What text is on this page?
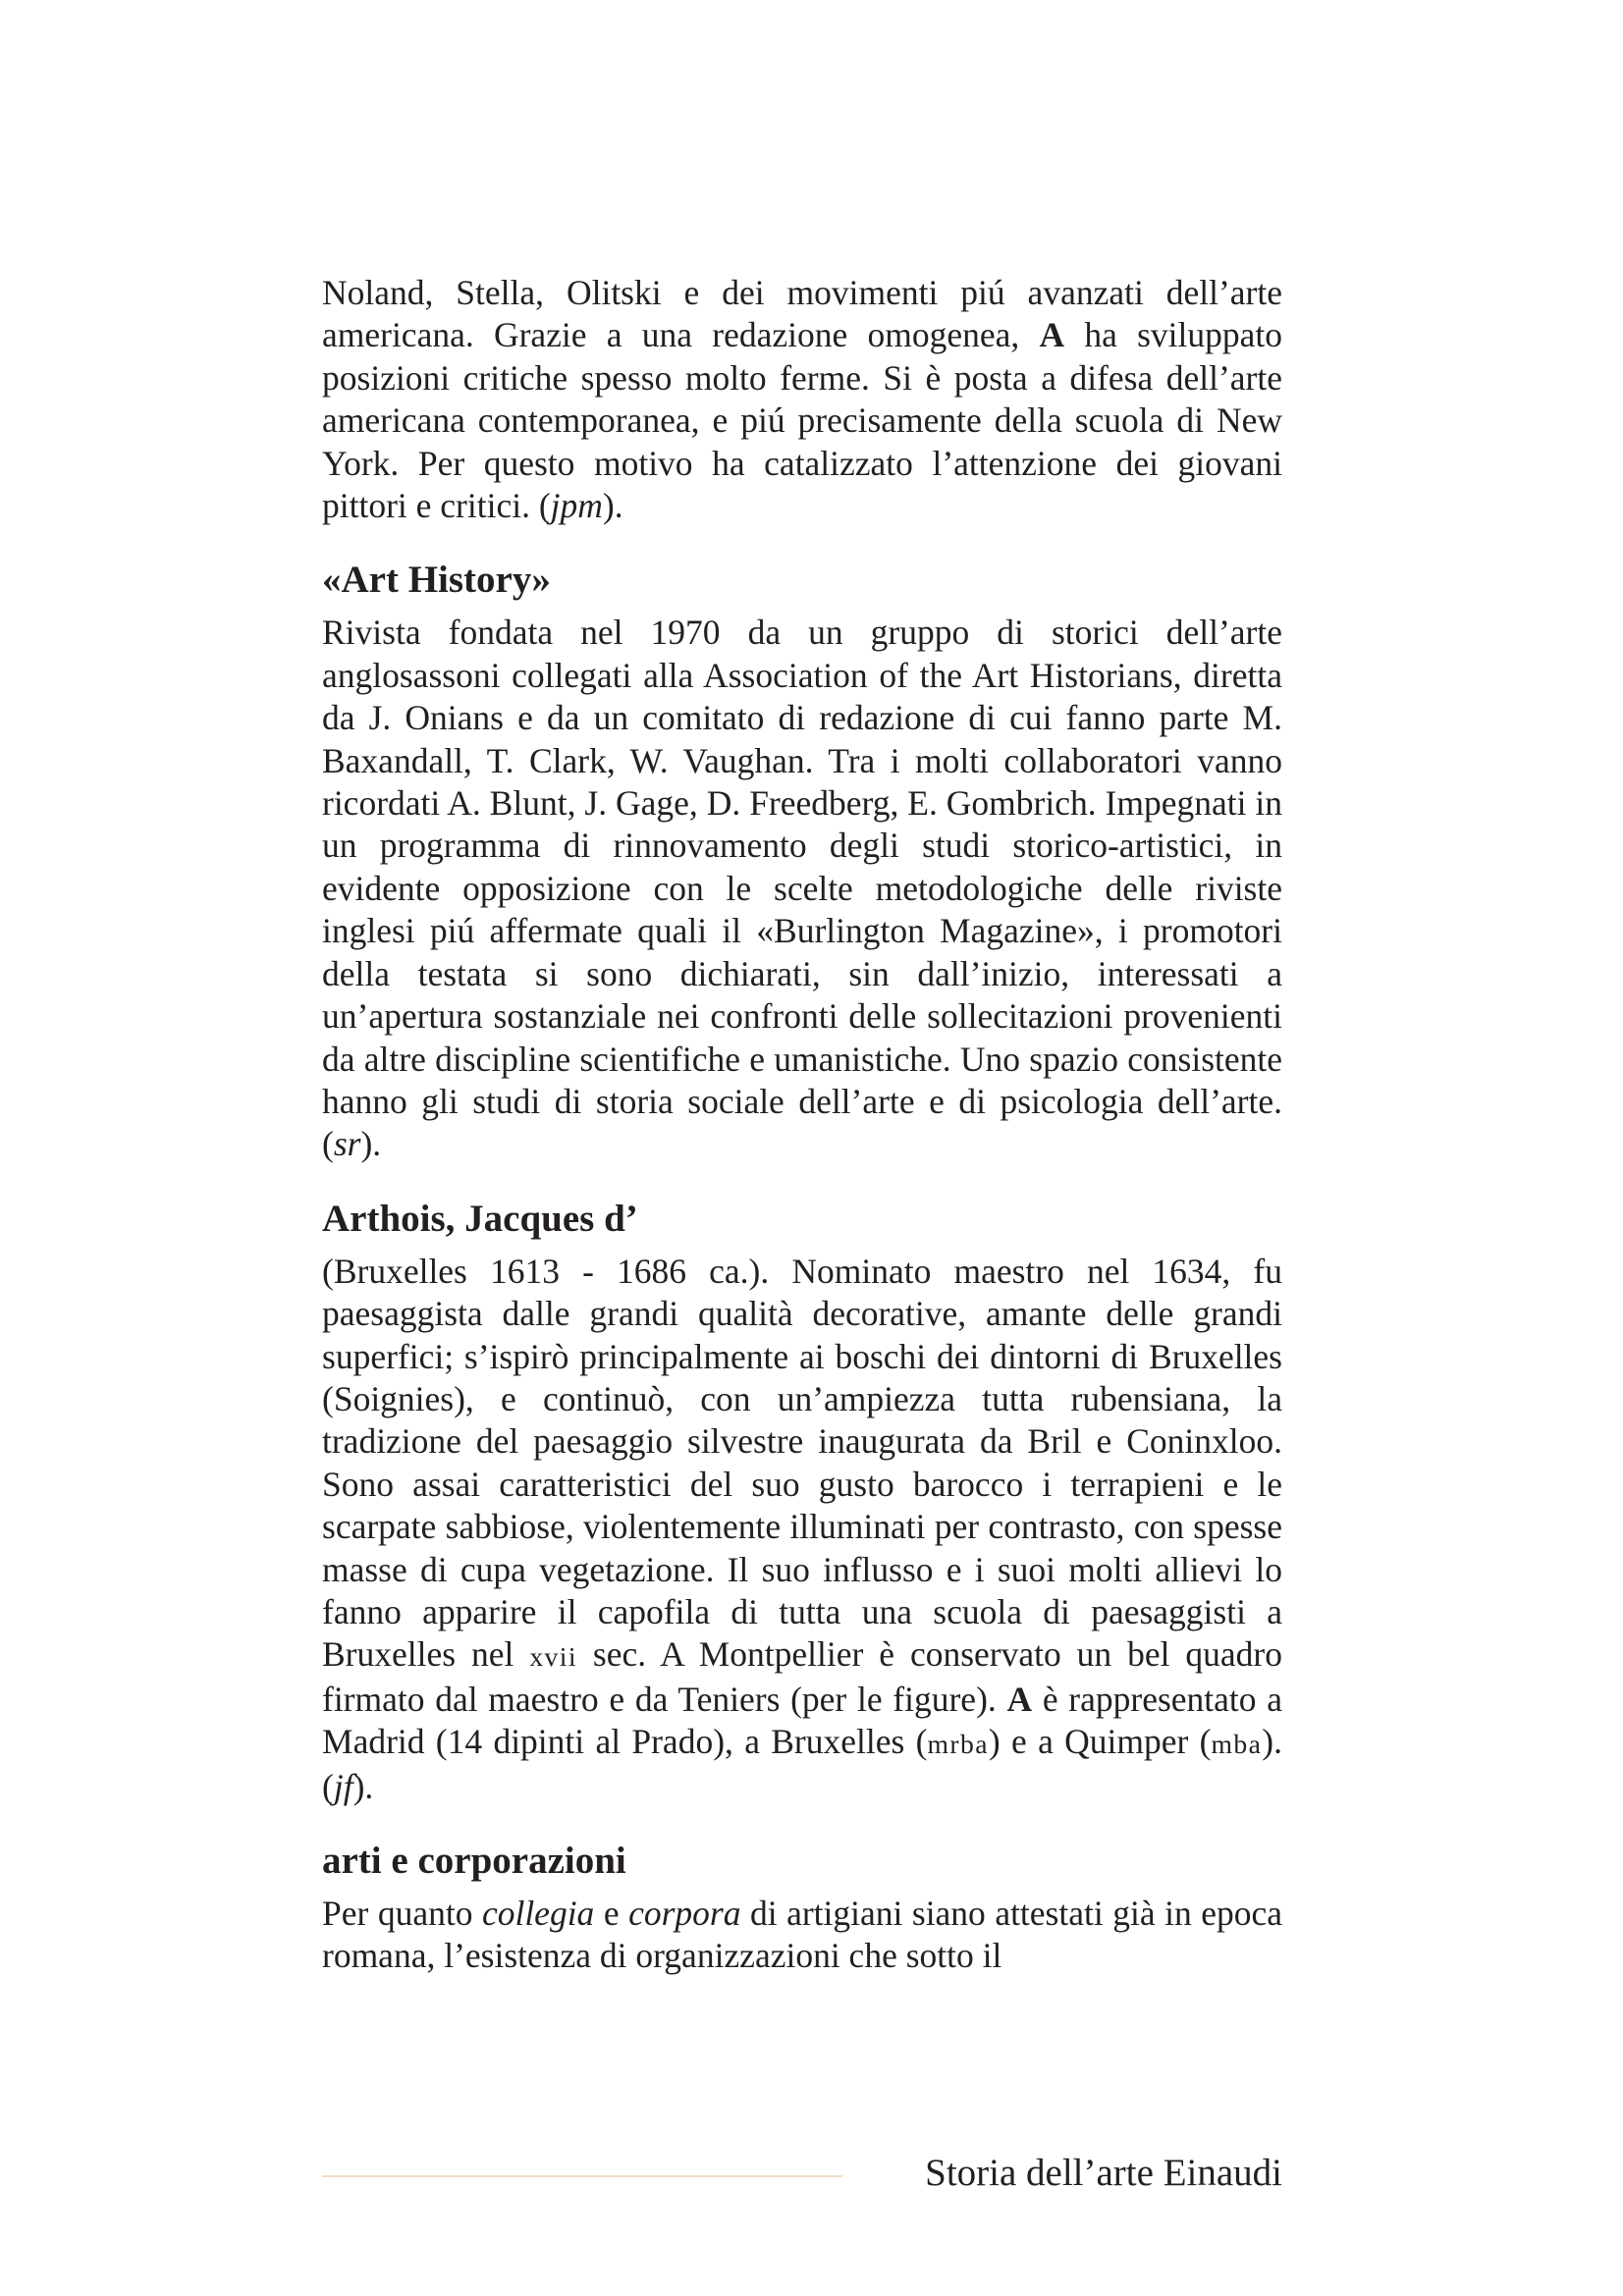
Noland, Stella, Olitski e dei movimenti piú avanzati dell’arte americana. Grazie a una redazione omogenea, A ha sviluppato posizioni critiche spesso molto ferme. Si è posta a difesa dell’arte americana contemporanea, e piú precisamente della scuola di New York. Per questo motivo ha catalizzato l’attenzione dei giovani pittori e critici. (jpm).

«Art History»

Rivista fondata nel 1970 da un gruppo di storici dell’arte anglosassoni collegati alla Association of the Art Historians, diretta da J. Onians e da un comitato di redazione di cui fanno parte M. Baxandall, T. Clark, W. Vaughan. Tra i molti collaboratori vanno ricordati A. Blunt, J. Gage, D. Freedberg, E. Gombrich. Impegnati in un programma di rinnovamento degli studi storico-artistici, in evidente opposizione con le scelte metodologiche delle riviste inglesi piú affermate quali il «Burlington Magazine», i promotori della testata si sono dichiarati, sin dall’inizio, interessati a un’apertura sostanziale nei confronti delle sollecitazioni provenienti da altre discipline scientifiche e umanistiche. Uno spazio consistente hanno gli studi di storia sociale dell’arte e di psicologia dell’arte. (sr).

Arthois, Jacques d’

(Bruxelles 1613 - 1686 ca.). Nominato maestro nel 1634, fu paesaggista dalle grandi qualità decorative, amante delle grandi superfici; s’ispirò principalmente ai boschi dei dintorni di Bruxelles (Soignies), e continuò, con un’ampiezza tutta rubensiana, la tradizione del paesaggio silvestre inaugurata da Bril e Coninxloo. Sono assai caratteristici del suo gusto barocco i terrapieni e le scarpate sabbiose, violentemente illuminati per contrasto, con spesse masse di cupa vegetazione. Il suo influsso e i suoi molti allievi lo fanno apparire il capofila di tutta una scuola di paesaggisti a Bruxelles nel xvii sec. A Montpellier è conservato un bel quadro firmato dal maestro e da Teniers (per le figure). A è rappresentato a Madrid (14 dipinti al Prado), a Bruxelles (mrba) e a Quimper (mba). (jf).

arti e corporazioni

Per quanto collegia e corpora di artigiani siano attestati già in epoca romana, l’esistenza di organizzazioni che sotto il

Storia dell’arte Einaudi
